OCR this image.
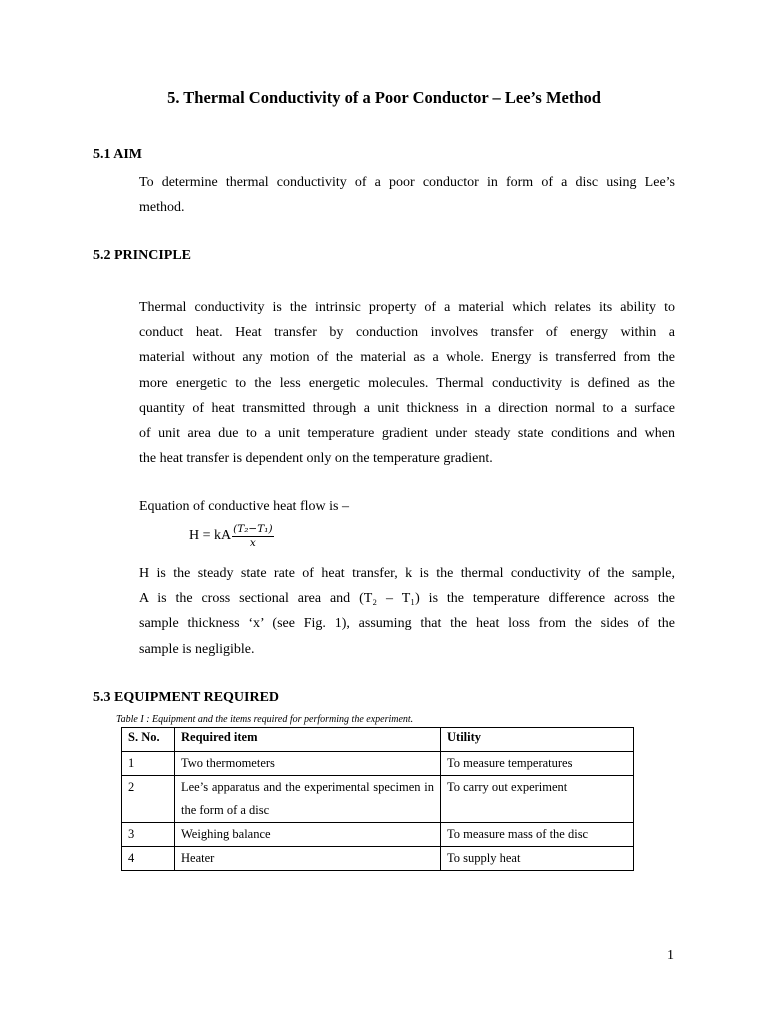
5. Thermal Conductivity of a Poor Conductor – Lee’s Method
5.1 AIM
To determine thermal conductivity of a poor conductor in form of a disc using Lee’s
method.
5.2 PRINCIPLE
Thermal conductivity is the intrinsic property of a material which relates its ability to
conduct heat. Heat transfer by conduction involves transfer of energy within a
material without any motion of the material as a whole. Energy is transferred from the
more energetic to the less energetic molecules. Thermal conductivity is defined as the
quantity of heat transmitted through a unit thickness in a direction normal to a surface
of unit area due to a unit temperature gradient under steady state conditions and when
the heat transfer is dependent only on the temperature gradient.

Equation of conductive heat flow is –

H = kA $\frac{\text{(T₂−T₁)}}{x}$
H is the steady state rate of heat transfer, k is the thermal conductivity of the sample,
A is the cross sectional area and (T₂ – T₁) is the temperature difference across the
sample thickness ‘x’ (see Fig. 1), assuming that the heat loss from the sides of the
sample is negligible.
5.3 EQUIPMENT REQUIRED

Table I : Equipment and the items required for performing the experiment.

S. No.	Required item	Utility
1	Two thermometers	To measure temperatures
2	Lee’s apparatus and the experimental specimen in the form of a disc	To carry out experiment
3	Weighing balance	To measure mass of the disc
4	Heater	To supply heat

1
